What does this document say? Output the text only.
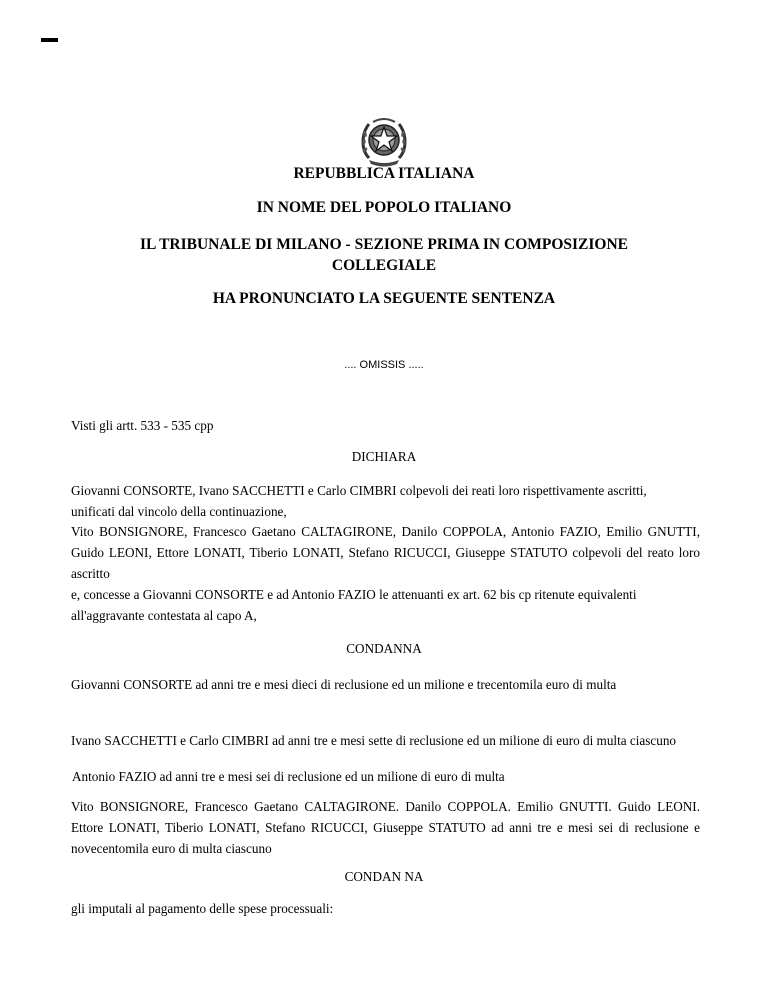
REPUBBLICA ITALIANA
IN NOME DEL POPOLO ITALIANO
IL TRIBUNALE DI MILANO - SEZIONE PRIMA IN COMPOSIZIONE
COLLEGIALE
HA PRONUNCIATO LA SEGUENTE SENTENZA
.... OMISSIS .....
Visti gli artt. 533 - 535 cpp
DICHIARA
Giovanni CONSORTE, Ivano SACCHETTI e Carlo CIMBRI colpevoli dei reati loro rispettivamente ascritti, unificati dal vincolo della continuazione,
Vito BONSIGNORE, Francesco Gaetano CALTAGIRONE, Danilo COPPOLA, Antonio FAZIO, Emilio GNUTTI, Guido LEONI, Ettore LONATI, Tiberio LONATI, Stefano RICUCCI, Giuseppe STATUTO colpevoli del reato loro ascritto
e, concesse a Giovanni CONSORTE e ad Antonio FAZIO le attenuanti ex art. 62 bis cp ritenute equivalenti all'aggravante contestata al capo A,
CONDANNA
Giovanni CONSORTE ad anni tre e mesi dieci di reclusione ed un milione e trecentomila euro di multa
Ivano SACCHETTI e Carlo CIMBRI ad anni tre e mesi sette di reclusione ed un milione di euro di multa ciascuno
Antonio FAZIO ad anni tre e mesi sei di reclusione ed un milione di euro di multa
Vito BONSIGNORE, Francesco Gaetano CALTAGIRONE. Danilo COPPOLA. Emilio GNUTTI. Guido LEONI. Ettore LONATI, Tiberio LONATI, Stefano RICUCCI, Giuseppe STATUTO ad anni tre e mesi sei di reclusione e novecentomila euro di multa ciascuno
CONDAN NA
gli imputali al pagamento delle spese processuali:
